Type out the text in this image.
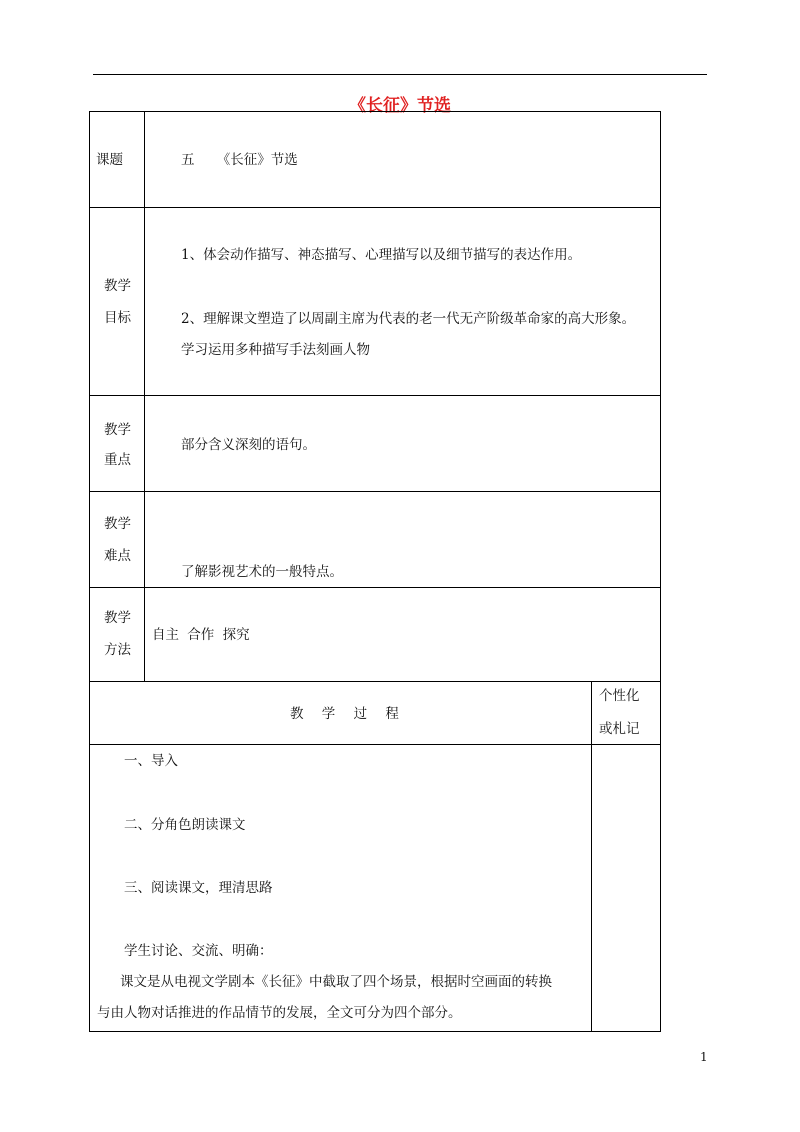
《长征》节选
课题	五 《长征》节选
教学
目标
1、体会动作描写、神态描写、心理描写以及细节描写的表达作用。
2、理解课文塑造了以周副主席为代表的老一代无产阶级革命家的高大形象。
学习运用多种描写手法刻画人物
教学
重点
部分含义深刻的语句。
教学
难点
了解影视艺术的一般特点。
教学
方法
自主 合作 探究
教 学 过 程
个性化
或札记
一、导入
二、分角色朗读课文
三、阅读课文，理清思路
学生讨论、交流、明确：
课文是从电视文学剧本《长征》中截取了四个场景，根据时空画面的转换
与由人物对话推进的作品情节的发展，全文可分为四个部分。
1
